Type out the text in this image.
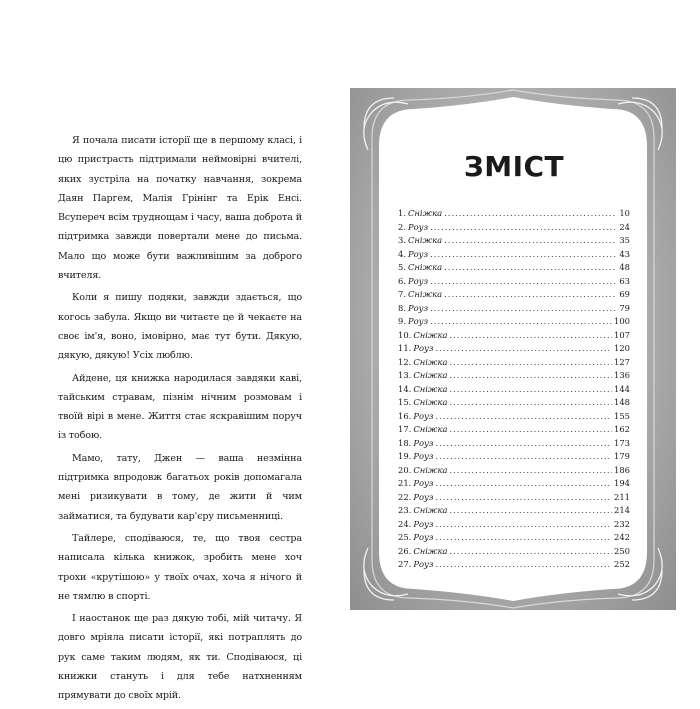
Я почала писати історії ще в першому класі, і цю пристрасть підтримали неймовірні вчителі, яких зустріла на початку навчання, зокрема Даян Паргем, Малія Грінінг та Ерік Енсі. Всупереч всім труднощам і часу, ваша доброта й підтримка завжди повертали мене до письма. Мало що може бути важливішим за доброго вчителя.

Коли я пишу подяки, завжди здається, що когось забула. Якщо ви читаєте це й чекаєте на своє ім'я, воно, імовірно, має тут бути. Дякую, дякую, дякую! Усіх люблю.

Айдене, ця книжка народилася завдяки каві, тайським стравам, пізнім нічним розмовам і твоїй вірі в мене. Життя стає яскравішим поруч із тобою.

Мамо, тату, Джен — ваша незмінна підтримка впродовж багатьох років допомагала мені ризикувати в тому, де жити й чим займатися, та будувати кар'єру письменниці.

Тайлере, сподіваюся, те, що твоя сестра написала кілька книжок, зробить мене хоч трохи «крутішою» у твоїх очах, хоча я нічого й не тямлю в спорті.

І наостанок ще раз дякую тобі, мій читачу. Я довго мріяла писати історії, які потраплять до рук саме таким людям, як ти. Сподіваюся, ці книжки стануть і для тебе натхненням прямувати до своїх мрій.

ЗМІСТ
1. Сніжка .....	10
2. Роуз .....	24
3. Сніжка .....	35
4. Роуз .....	43
5. Сніжка .....	48
6. Роуз .....	63
7. Сніжка .....	69
8. Роуз .....	79
9. Роуз .....	100
10. Сніжка .....	107
11. Роуз .....	120
12. Сніжка .....	127
13. Сніжка .....	136
14. Сніжка .....	144
15. Сніжка .....	148
16. Роуз .....	155
17. Сніжка .....	162
18. Роуз .....	173
19. Роуз .....	179
20. Сніжка .....	186
21. Роуз .....	194
22. Роуз .....	211
23. Сніжка .....	214
24. Роуз .....	232
25. Роуз .....	242
26. Сніжка .....	250
27. Роуз .....	252
